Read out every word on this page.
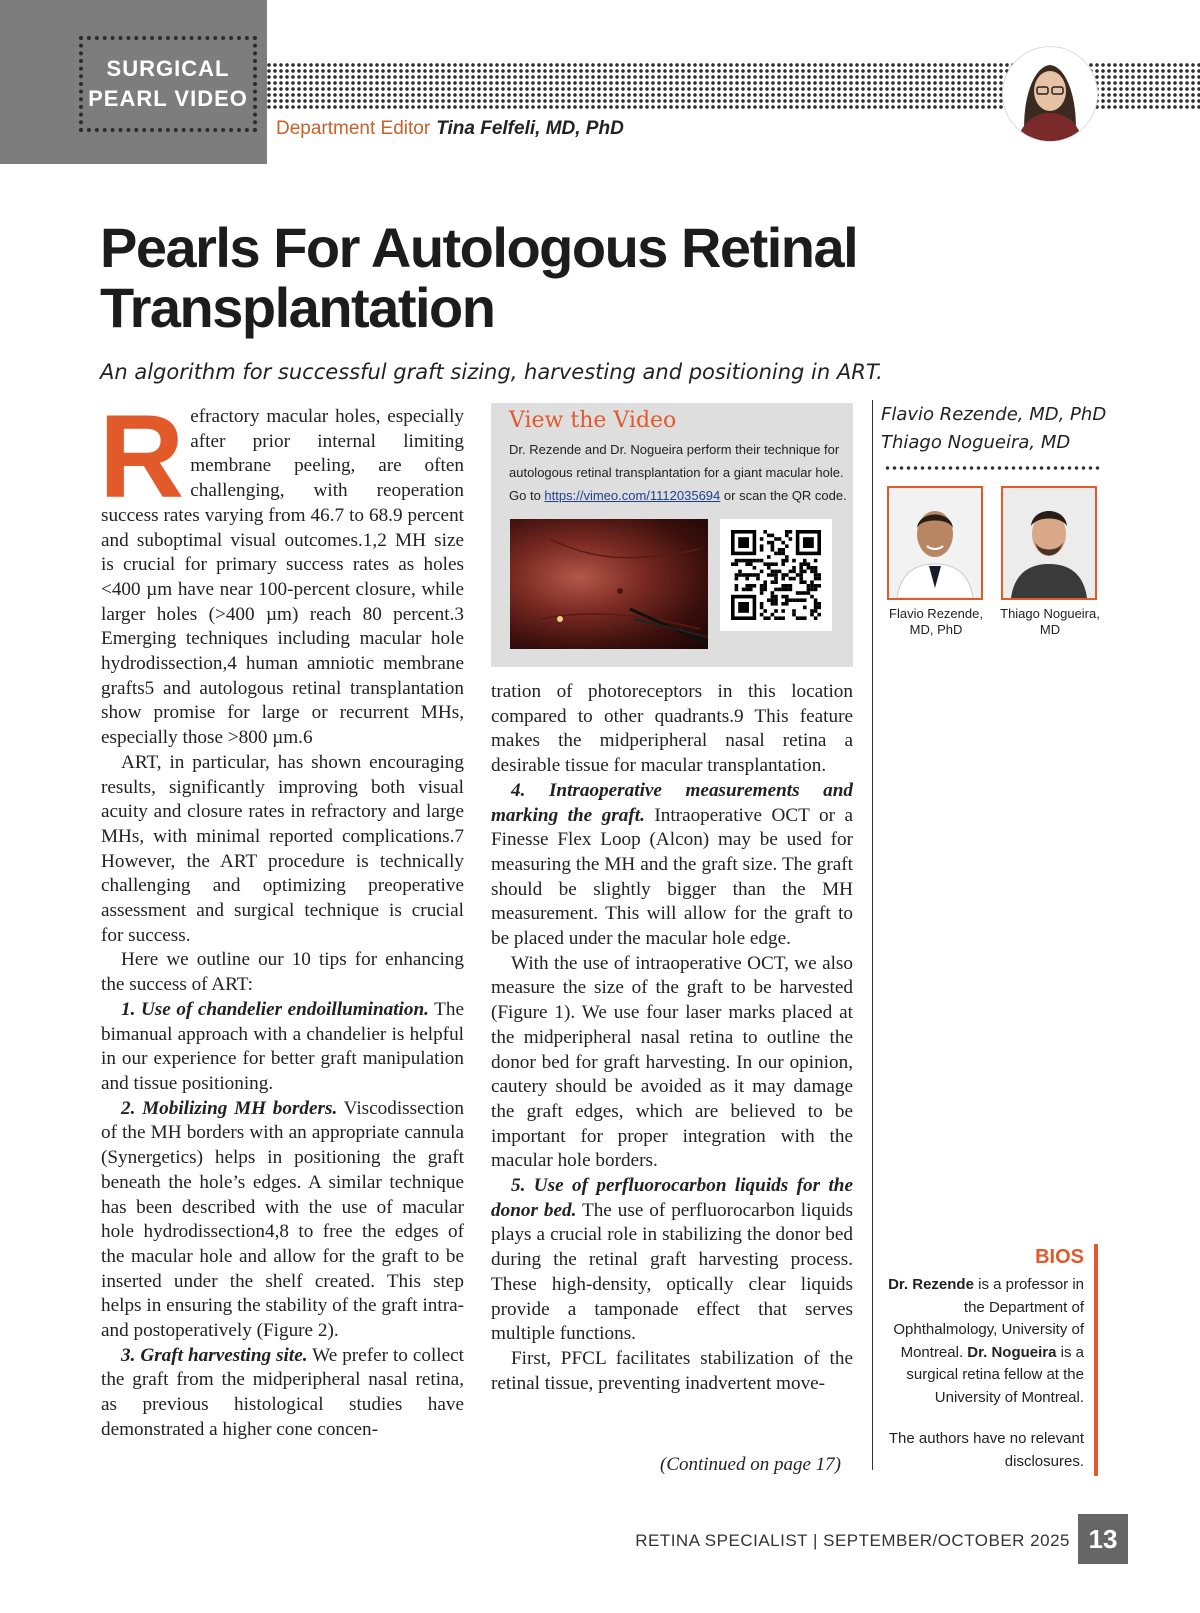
SURGICAL
PEARL VIDEO
Department Editor Tina Felfeli, MD, PhD
Pearls For Autologous Retinal Transplantation
An algorithm for successful graft sizing, harvesting and positioning in ART.
R efractory macular holes, especially after prior internal limiting membrane peeling, are often challenging, with reoperation success rates varying from 46.7 to 68.9 percent and suboptimal visual outcomes.1,2 MH size is crucial for primary success rates as holes <400 µm have near 100-percent closure, while larger holes (>400 µm) reach 80 percent.3 Emerging techniques including macular hole hydrodissection,4 human amniotic membrane grafts5 and autologous retinal transplantation show promise for large or recurrent MHs, especially those >800 µm.6

ART, in particular, has shown encouraging results, significantly improving both visual acuity and closure rates in refractory and large MHs, with minimal reported complications.7 However, the ART procedure is technically challenging and optimizing preoperative assessment and surgical technique is crucial for success.

Here we outline our 10 tips for enhancing the success of ART:

1. Use of chandelier endoillumination. The bimanual approach with a chandelier is helpful in our experience for better graft manipulation and tissue positioning.

2. Mobilizing MH borders. Viscodissection of the MH borders with an appropriate cannula (Synergetics) helps in positioning the graft beneath the hole’s edges. A similar technique has been described with the use of macular hole hydrodissection4,8 to free the edges of the macular hole and allow for the graft to be inserted under the shelf created. This step helps in ensuring the stability of the graft intra- and postoperatively (Figure 2).

3. Graft harvesting site. We prefer to collect the graft from the midperipheral nasal retina, as previous histological studies have demonstrated a higher cone concen-

View the Video
Dr. Rezende and Dr. Nogueira perform their technique for autologous retinal transplantation for a giant macular hole. Go to https://vimeo.com/1112035694 or scan the QR code.

tration of photoreceptors in this location compared to other quadrants.9 This feature makes the midperipheral nasal retina a desirable tissue for macular transplantation.

4. Intraoperative measurements and marking the graft. Intraoperative OCT or a Finesse Flex Loop (Alcon) may be used for measuring the MH and the graft size. The graft should be slightly bigger than the MH measurement. This will allow for the graft to be placed under the macular hole edge.

With the use of intraoperative OCT, we also measure the size of the graft to be harvested (Figure 1). We use four laser marks placed at the midperipheral nasal retina to outline the donor bed for graft harvesting. In our opinion, cautery should be avoided as it may damage the graft edges, which are believed to be important for proper integration with the macular hole borders.

5. Use of perfluorocarbon liquids for the donor bed. The use of perfluorocarbon liquids plays a crucial role in stabilizing the donor bed during the retinal graft harvesting process. These high-density, optically clear liquids provide a tamponade effect that serves multiple functions.

First, PFCL facilitates stabilization of the retinal tissue, preventing inadvertent move-

(Continued on page 17)
Flavio Rezende, MD, PhD
Thiago Nogueira, MD
Flavio Rezende, MD, PhD
Thiago Nogueira, MD
BIOS
Dr. Rezende is a professor in the Department of Ophthalmology, University of Montreal. Dr. Nogueira is a surgical retina fellow at the University of Montreal.
The authors have no relevant disclosures.
RETINA SPECIALIST | SEPTEMBER/OCTOBER 2025 13
